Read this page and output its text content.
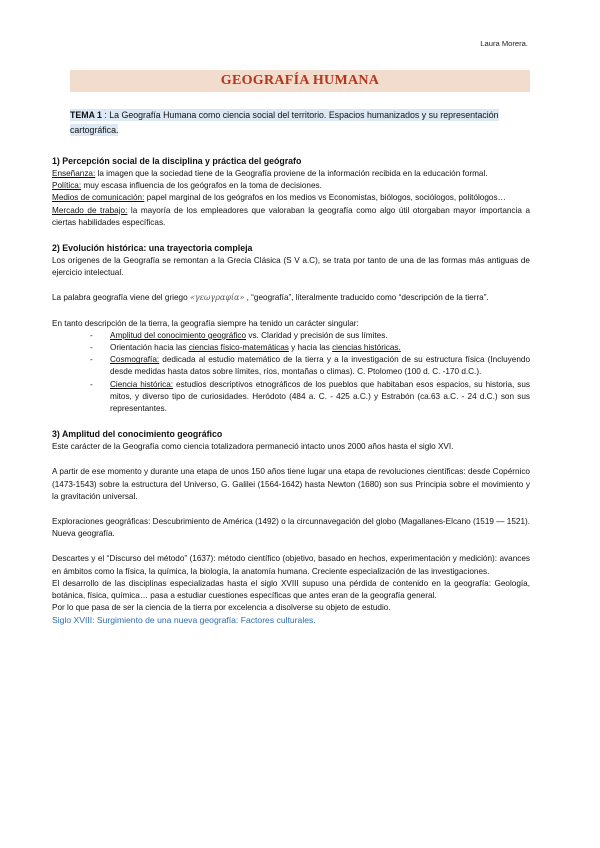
Laura Morera.
GEOGRAFÍA HUMANA
TEMA 1 : La Geografía Humana como ciencia social del territorio. Espacios humanizados y su representación cartográfica.
1) Percepción social de la disciplina y práctica del geógrafo

Enseñanza: la imagen que la sociedad tiene de la Geografía proviene de la información recibida en la educación formal.

Política: muy escasa influencia de los geógrafos en la toma de decisiones.

Medios de comunicación: papel marginal de los geógrafos en los medios vs Economistas, biólogos, sociólogos, politólogos…

Mercado de trabajo: la mayoría de los empleadores que valoraban la geografía como algo útil otorgaban mayor importancia a ciertas habilidades específicas.

2) Evolución histórica: una trayectoria compleja

Los orígenes de la Geografía se remontan a la Grecia Clásica (S V a.C), se trata por tanto de una de las formas más antiguas de ejercicio intelectual.

La palabra geografía viene del griego «γεωγραφία» , “geografía”, literalmente traducido como “descripción de la tierra”.

En tanto descripción de la tierra, la geografía siempre ha tenido un carácter singular:

- Amplitud del conocimiento geográfico vs. Claridad y precisión de sus límites.
- Orientación hacia las ciencias físico-matemáticas y hacia las ciencias históricas.
- Cosmografía: dedicada al estudio matemático de la tierra y a la investigación de su estructura física (Incluyendo desde medidas hasta datos sobre límites, ríos, montañas o climas). C. Ptolomeo (100 d. C. -170 d.C.).
- Ciencia histórica: estudios descriptivos etnográficos de los pueblos que habitaban esos espacios, su historia, sus mitos, y diverso tipo de curiosidades. Heródoto (484 a. C. - 425 a.C.) y Estrabón (ca.63 a.C. - 24 d.C.) son sus representantes.
3) Amplitud del conocimiento geográfico

Este carácter de la Geografía como ciencia totalizadora permaneció intacto unos 2000 años hasta el siglo XVI.

A partir de ese momento y durante una etapa de unos 150 años tiene lugar una etapa de revoluciones científicas: desde Copérnico (1473-1543) sobre la estructura del Universo, G. Galilei (1564-1642) hasta Newton (1680) son sus Principia sobre el movimiento y la gravitación universal.

Exploraciones geográficas: Descubrimiento de América (1492) o la circunnavegación del globo (Magallanes-Elcano (1519 — 1521). Nueva geografía.

Descartes y el “Discurso del método” (1637): método científico (objetivo, basado en hechos, experimentación y medición): avances en ámbitos como la física, la química, la biología, la anatomía humana. Creciente especialización de las investigaciones.

El desarrollo de las disciplinas especializadas hasta el siglo XVIII supuso una pérdida de contenido en la geografía: Geología, botánica, física, química… pasa a estudiar cuestiones específicas que antes eran de la geografía general.

Por lo que pasa de ser la ciencia de la tierra por excelencia a disolverse su objeto de estudio.

Siglo XVIII: Surgimiento de una nueva geografía: Factores culturales.
